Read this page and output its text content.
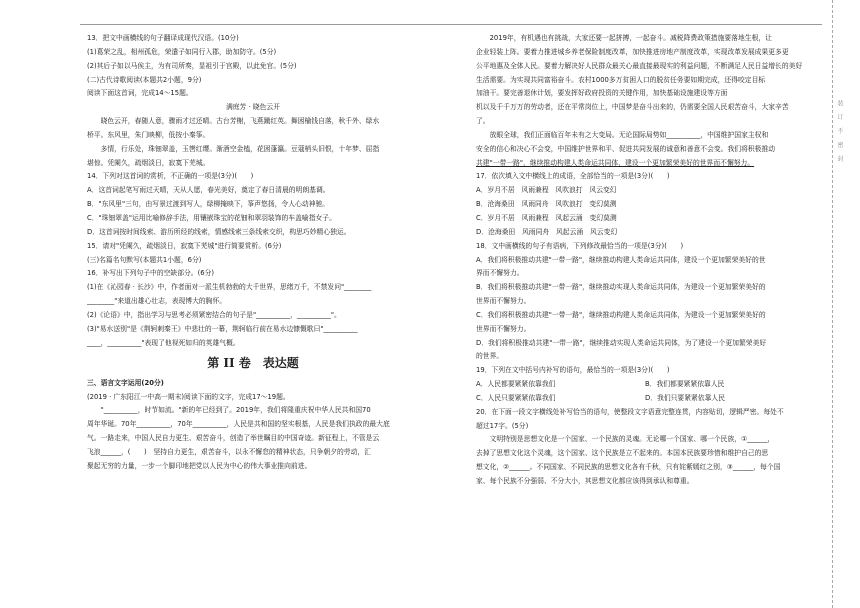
装 订 不 密 封

13．把文中画横线的句子翻译成现代汉语。(10分)

(1)葛荣之乱，相州孤危，荣遣子如同行入郡，助加防守。(5分)

(2)其后子如以马俟主，为有司所奏，显祖引于宫殿，以此免官。(5分)

(二)古代诗歌阅读(本题共2小题，9分)

阅读下面这首词，完成14～15题。

满庭芳 · 晓色云开

晓色云开，春随人意，骤雨才过还晴。古台芳榭，飞燕蹴红英。舞困榆钱自落，秋千外、绿水

桥平。东风里，朱门映柳，低按小秦筝。

多情，行乐处，珠钿翠盖，玉辔红缨。渐酒空金榼，花困蓬瀛。豆蔻梢头旧恨，十年梦、屈指

堪惊。凭阑久，疏烟淡日，寂寞下芜城。

14．下列对这首词的赏析，不正确的一项是(3分)(　　)

A．这首词起笔写雨过天晴，天从人愿，春光美好，奠定了春日清晨的明朗基调。

B．"东风里"三句，由写景过渡到写人，绿柳掩映下，筝声悠扬，令人心动神驰。

C．"珠钿翠盖"运用比喻修辞手法，用镶嵌珠宝的花钿和翠羽装饰的车盖喻指女子。

D．这首词按时间线索、游历所经的线索，情感线索三条线索交织，构思巧妙精心独运。

15．请对"凭阑久，疏烟淡日，寂寞下芜城"进行简要赏析。(6分)

(三)名篇名句默写(本题共1小题，6分)

16．补写出下列句子中的空缺部分。(6分)

(1)在《沁园春 · 长沙》中，作者面对一派生机勃勃的大千世界，思绪万千，不禁发问"________

________"来道出雄心壮志，表现博大的胸怀。

(2)《论语》中，指出学习与思考必须紧密结合的句子是"__________，__________"。

(3)"易水送别"是《荆轲刺秦王》中悲壮的一幕，荆轲临行前在易水边慷慨歌曰"__________

____，__________"表现了他视死如归的英雄气概。

第 II 卷　表达题

三、语言文字运用(20分)

(2019 · 广东阳江一中高一期末)阅读下面的文字，完成17～19题。

"__________，时节如流。"新的年已经到了。2019年，我们将隆重庆祝中华人民共和国70

周年华诞。70年__________，70年__________，人民是共和国的坚实根基，人民是我们执政的最大底

气。一路走来，中国人民自力更生、艰苦奋斗，创造了举世瞩目的中国奇迹。新征程上，不管是云

飞浪______，(　　)　坚持自力更生，艰苦奋斗，以永不懈怠的精神状态，只争朝夕的劳动，汇

聚起无穷的力量，一步一个脚印地把党以人民为中心的伟大事业推向前进。

2019年，有机遇也有挑战，大家还要一起拼搏，一起奋斗。减税降费政策措施要落地生根，让

企业轻装上阵。要着力推进城乡养老保险制度改革，加快推进房地产制度改革，实现改革发展成果更多更

公平地惠及全体人民。要着力解决好人民群众最关心最直接最现实的利益问题，不断满足人民日益增长的美好

生活需要。为实现共同富裕奋斗。农村1000多万贫困人口的脱贫任务要如期完成，还得咬定目标

加油干。要完善退休计划，要发挥好政府投资的关键作用，加快基础设施建设等方面

机以及千千万万的劳动者，还在平常岗位上，中国梦是奋斗出来的，仍需要全国人民艰苦奋斗，大家辛苦

了。

放眼全球，我们正面临百年未有之大变局。无论国际局势如__________，中国维护国家主权和

安全的信心和决心不会变，中国维护世界和平、促进共同发展的诚意和善意不会变。我们将积极推动

共建"一带一路"，继续推动构建人类命运共同体，建设一个更加繁荣美好的世界而不懈努力。

17．依次填入文中横线上的成语，全部恰当的一项是(3分)(　　)

A．岁月不居　风雨兼程　风吹浪打　风云变幻

B．沧海桑田　风雨同舟　风吹浪打　变幻莫测

C．岁月不居　风雨兼程　风起云涌　变幻莫测

D．沧海桑田　风雨同舟　风起云涌　风云变幻

18．文中画横线的句子有语病，下列修改最恰当的一项是(3分)(　　)

A．我们将积极推动共建"一带一路"，继续推动构建人类命运共同体，建设一个更加繁荣美好的世

界而不懈努力。

B．我们将积极推动共建"一带一路"，继续推动实现人类命运共同体，为建设一个更加繁荣美好的

世界而不懈努力。

C．我们将积极推动共建"一带一路"，继续推动构建人类命运共同体，为建设一个更加繁荣美好的

世界而不懈努力。

D．我们将积极推动共建"一带一路"，继续推动实现人类命运共同体，为了建设一个更加繁荣美好

的世界。

19．下列在文中括号内补写的语句，最恰当的一项是(3分)(　　)

A．人民都要紧紧依靠我们	B．我们都要紧紧依靠人民
C．人民只要紧紧依靠我们	D．我们只要紧紧依靠人民

20．在下面一段文字横线处补写恰当的语句，使整段文字语意完整连贯，内容贴切，逻辑严密。每处不

超过17字。(5分)

文明特别是思想文化是一个国家、一个民族的灵魂。无论哪一个国家、哪一个民族，①______，

去掉了思想文化这个灵魂，这个国家、这个民族是立不起来的。本国本民族要珍惜和维护自己的思

想文化，②______。不同国家、不同民族的思想文化各有千秋，只有姹紫嫣红之别，③______，每个国

家、每个民族不分强弱、不分大小，其思想文化都应该得到承认和尊重。
